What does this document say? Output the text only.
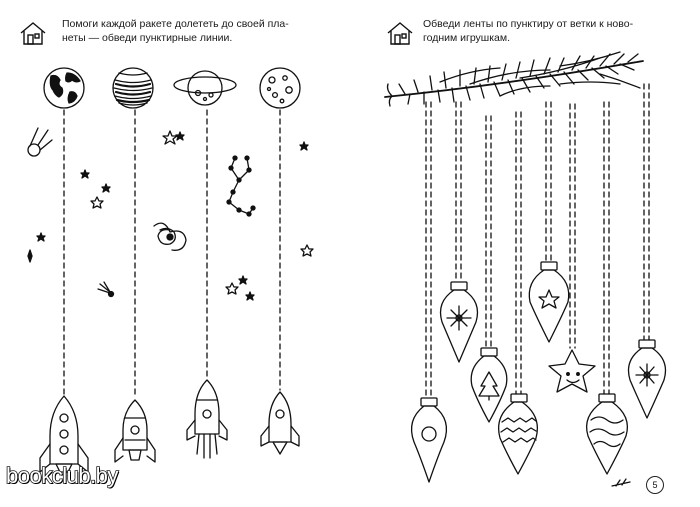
Помоги каждой ракете долететь до своей пла-
неты — обведи пунктирные линии.

Обведи ленты по пунктиру от ветки к ново-
годним игрушкам.

5
bookclub.by
